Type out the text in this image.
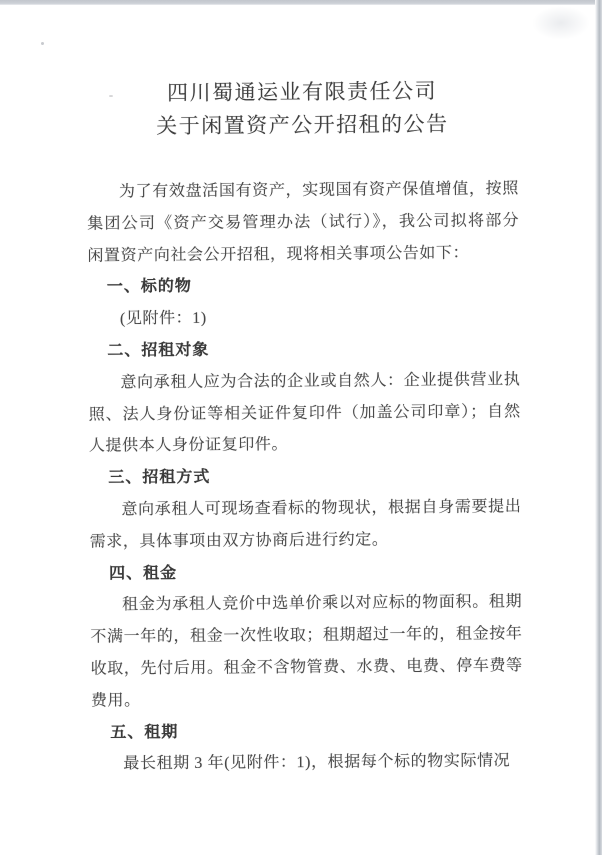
四川蜀通运业有限责任公司
关于闲置资产公开招租的公告

为了有效盘活国有资产，实现国有资产保值增值，按照集团公司《资产交易管理办法（试行）》，我公司拟将部分闲置资产向社会公开招租，现将相关事项公告如下：

一、标的物

(见附件：1)

二、招租对象

意向承租人应为合法的企业或自然人：企业提供营业执照、法人身份证等相关证件复印件（加盖公司印章）；自然人提供本人身份证复印件。

三、招租方式

意向承租人可现场查看标的物现状，根据自身需要提出需求，具体事项由双方协商后进行约定。

四、租金

租金为承租人竞价中选单价乘以对应标的物面积。租期不满一年的，租金一次性收取；租期超过一年的，租金按年收取，先付后用。租金不含物管费、水费、电费、停车费等费用。

五、租期

最长租期 3 年(见附件：1)，根据每个标的物实际情况
